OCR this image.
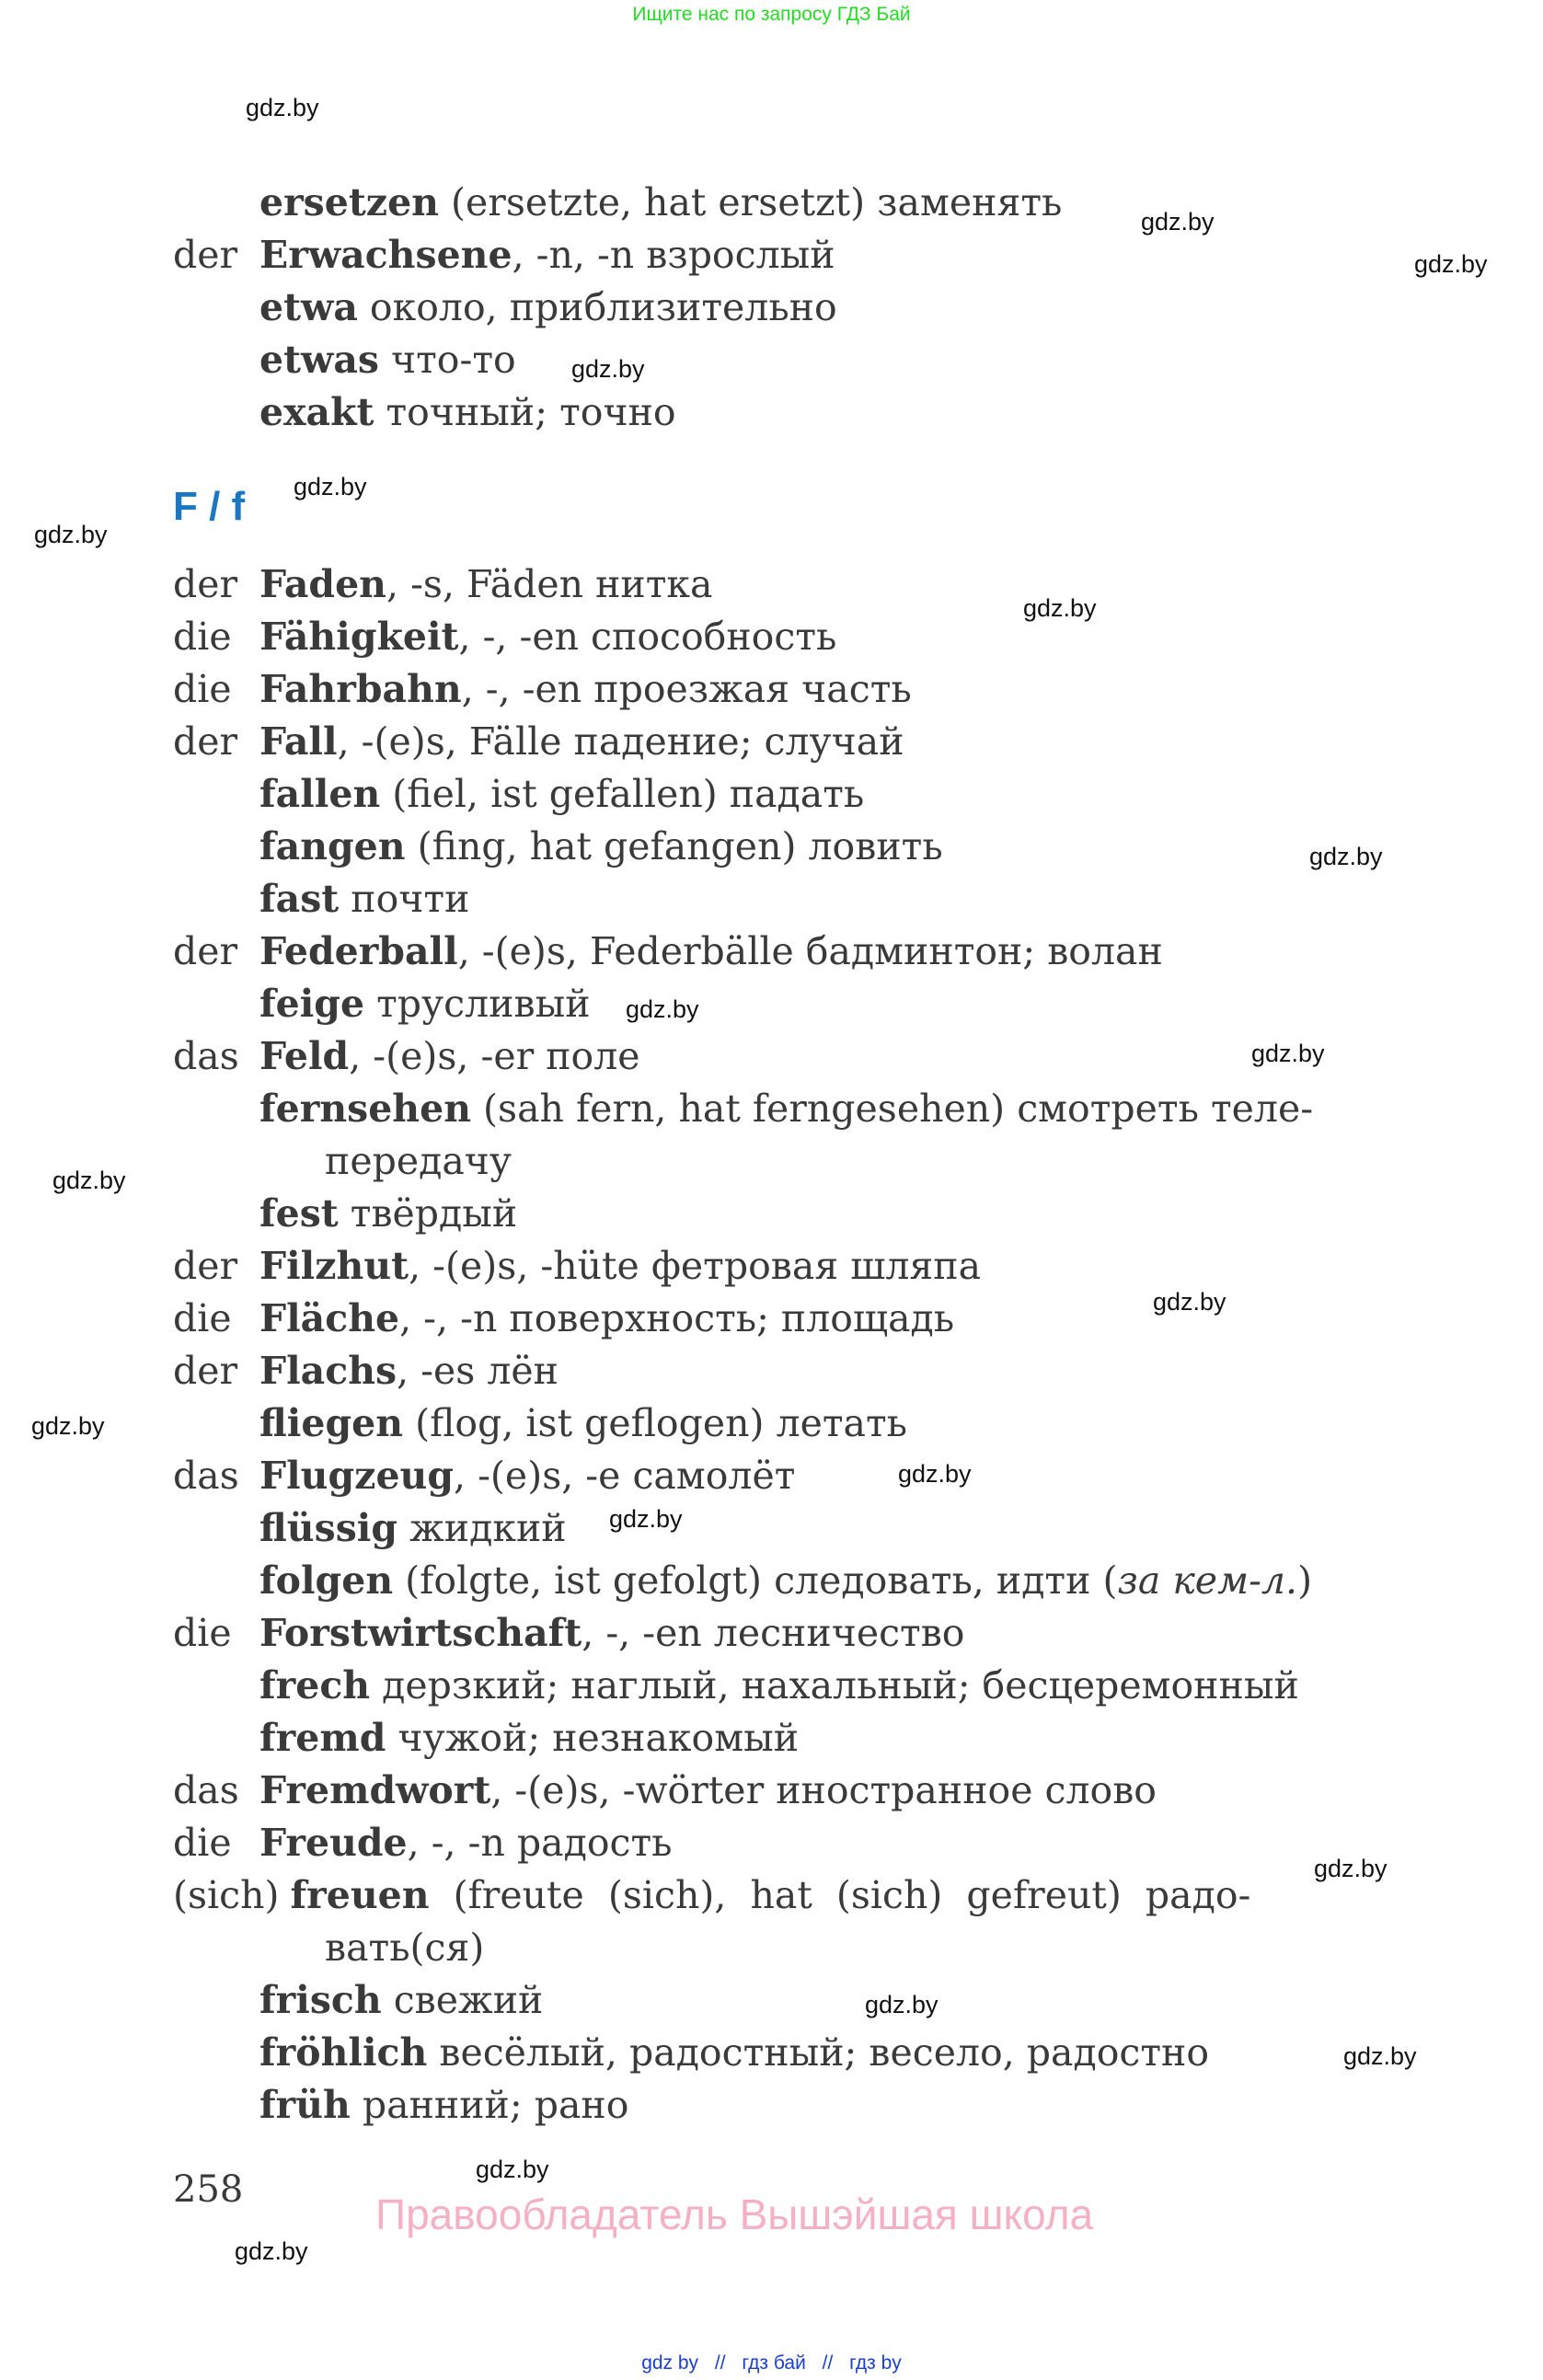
Ищите нас по запросу ГДЗ Бай
gdz.by
gdz.by
gdz.by
gdz.by
gdz.by
gdz.by
gdz.by
gdz.by
gdz.by
gdz.by
gdz.by
gdz.by
gdz.by
gdz.by
gdz.by
gdz.by
gdz.by
gdz.by
gdz.by
gdz.by
F / f
ersetzen (ersetzte, hat ersetzt) заменять
der Erwachsene, -n, -n взрослый
etwa около, приблизительно
etwas что-то
exakt точный; точно
der Faden, -s, Fäden нитка
die Fähigkeit, -, -en способность
die Fahrbahn, -, -en проезжая часть
der Fall, -(e)s, Fälle падение; случай
fallen (fiel, ist gefallen) падать
fangen (fing, hat gefangen) ловить
fast почти
der Federball, -(e)s, Federbälle бадминтон; волан
feige трусливый
das Feld, -(e)s, -er поле
fernsehen (sah fern, hat ferngesehen) смотреть теле-
передачу
fest твёрдый
der Filzhut, -(e)s, -hüte фетровая шляпа
die Fläche, -, -n поверхность; площадь
der Flachs, -es лён
fliegen (flog, ist geflogen) летать
das Flugzeug, -(e)s, -e самолёт
flüssig жидкий
folgen (folgte, ist gefolgt) следовать, идти (за кем-л.)
die Forstwirtschaft, -, -en лесничество
frech дерзкий; наглый, нахальный; бесцеремонный
fremd чужой; незнакомый
das Fremdwort, -(e)s, -wörter иностранное слово
die Freude, -, -n радость
(sich) freuen  (freute  (sich),  hat  (sich)  gefreut)  радо-
вать(ся)
frisch свежий
fröhlich весёлый, радостный; весело, радостно
früh ранний; рано
258
Правообладатель Вышэйшая школа
gdz by // гдз бай // гдз by
